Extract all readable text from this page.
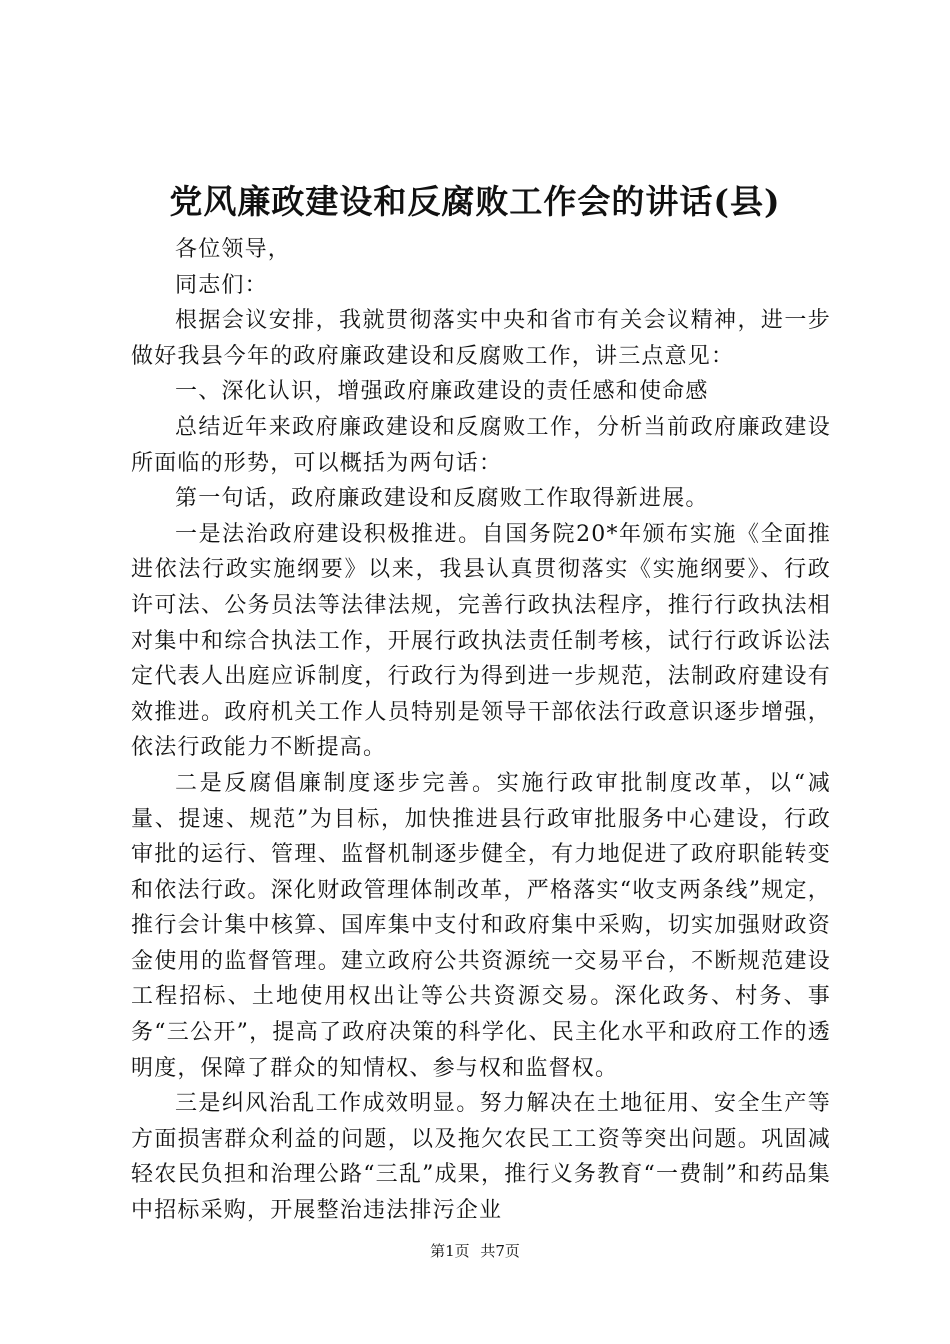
党风廉政建设和反腐败工作会的讲话(县)

各位领导，

同志们：

根据会议安排，我就贯彻落实中央和省市有关会议精神，进一步做好我县今年的政府廉政建设和反腐败工作，讲三点意见：

一、深化认识，增强政府廉政建设的责任感和使命感

总结近年来政府廉政建设和反腐败工作，分析当前政府廉政建设所面临的形势，可以概括为两句话：

第一句话，政府廉政建设和反腐败工作取得新进展。

一是法治政府建设积极推进。自国务院20*年颁布实施《全面推进依法行政实施纲要》以来，我县认真贯彻落实《实施纲要》、行政许可法、公务员法等法律法规，完善行政执法程序，推行行政执法相对集中和综合执法工作，开展行政执法责任制考核，试行行政诉讼法定代表人出庭应诉制度，行政行为得到进一步规范，法制政府建设有效推进。政府机关工作人员特别是领导干部依法行政意识逐步增强，依法行政能力不断提高。

二是反腐倡廉制度逐步完善。实施行政审批制度改革，以“减量、提速、规范”为目标，加快推进县行政审批服务中心建设，行政审批的运行、管理、监督机制逐步健全，有力地促进了政府职能转变和依法行政。深化财政管理体制改革，严格落实“收支两条线”规定，推行会计集中核算、国库集中支付和政府集中采购，切实加强财政资金使用的监督管理。建立政府公共资源统一交易平台，不断规范建设工程招标、土地使用权出让等公共资源交易。深化政务、村务、事务“三公开”，提高了政府决策的科学化、民主化水平和政府工作的透明度，保障了群众的知情权、参与权和监督权。

三是纠风治乱工作成效明显。努力解决在土地征用、安全生产等方面损害群众利益的问题，以及拖欠农民工工资等突出问题。巩固减轻农民负担和治理公路“三乱”成果，推行义务教育“一费制”和药品集中招标采购，开展整治违法排污企业

第1页 共7页
